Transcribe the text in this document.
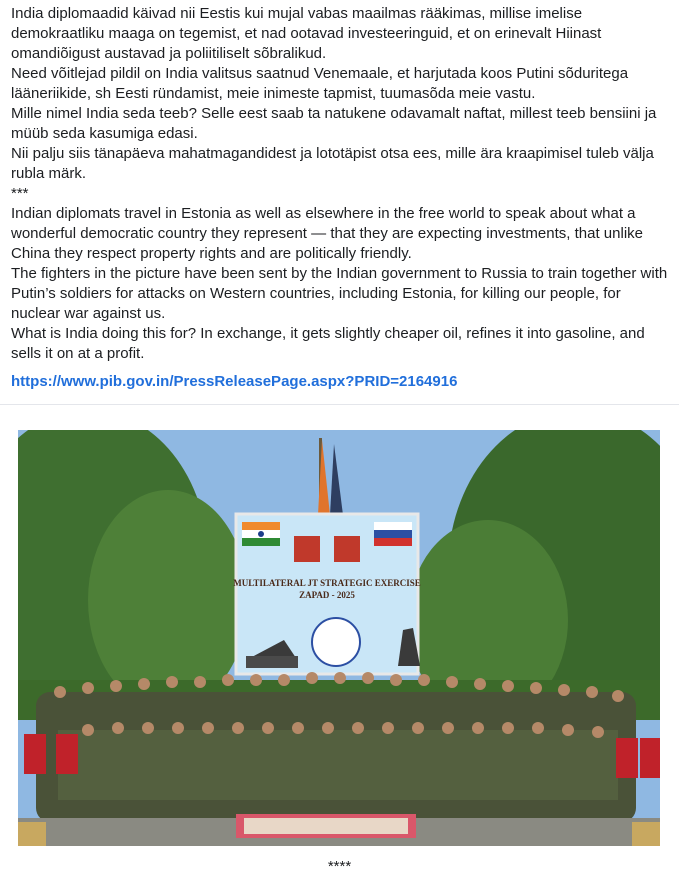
India diplomaadid käivad nii Eestis kui mujal vabas maailmas rääkimas, millise imelise demokraatliku maaga on tegemist, et nad ootavad investeeringuid, et on erinevalt Hiinast omandiõigust austavad ja poliitiliselt sõbralikud.

Need võitlejad pildil on India valitsus saatnud Venemaale, et harjutada koos Putini sõduritega lääneriikide, sh Eesti ründamist, meie inimeste tapmist, tuumasõda meie vastu.

Mille nimel India seda teeb? Selle eest saab ta natukene odavamalt naftat, millest teeb bensiini ja müüb seda kasumiga edasi.

Nii palju siis tänapäeva mahatmagandidest ja lototäpist otsa ees, mille ära kraapimisel tuleb välja rubla märk.

***

Indian diplomats travel in Estonia as well as elsewhere in the free world to speak about what a wonderful democratic country they represent — that they are expecting investments, that unlike China they respect property rights and are politically friendly.

The fighters in the picture have been sent by the Indian government to Russia to train together with Putin’s soldiers for attacks on Western countries, including Estonia, for killing our people, for nuclear war against us.

What is India doing this for? In exchange, it gets slightly cheaper oil, refines it into gasoline, and sells it on at a profit.

https://www.pib.gov.in/PressReleasePage.aspx?PRID=2164916
MULTILATERAL JT STRATEGIC EXERCISE
ZAPAD - 2025
****
